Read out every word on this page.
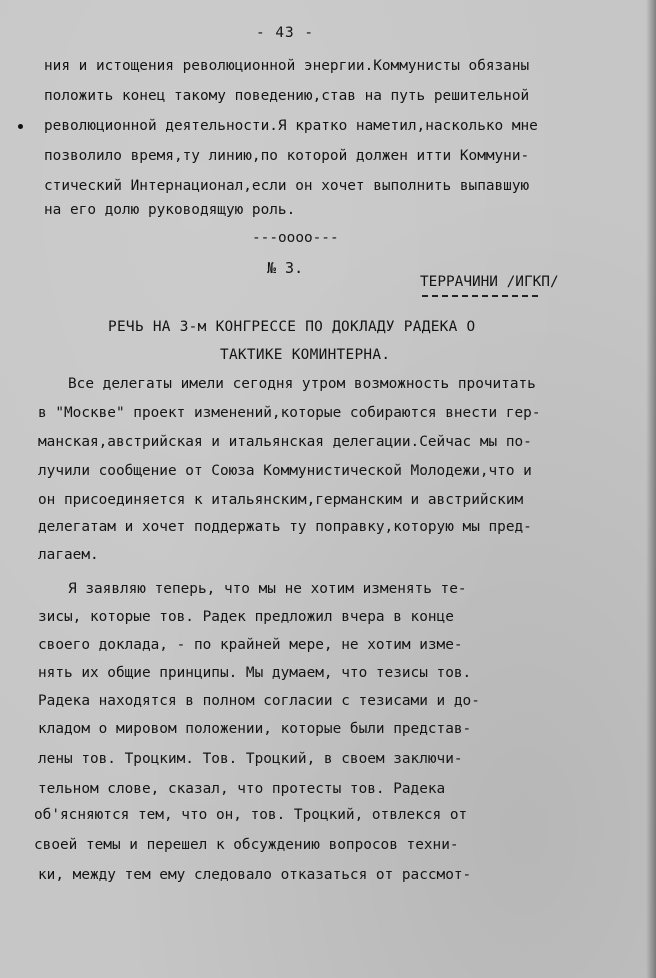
- 43 -
ния и истощения революционной энергии.Коммунисты обязаны
положить конец такому поведению,став на путь решительной
революционной деятельности.Я кратко наметил,насколько мне
позволило время,ту линию,по которой должен итти Коммуни-
стический Интернационал,если он хочет выполнить выпавшую
на его долю руководящую роль.
---оооо---
№ 3.
ТЕРРАЧИНИ /ИГКП/
РЕЧЬ НА 3-м КОНГРЕССЕ ПО ДОКЛАДУ РАДЕКА О
ТАКТИКЕ КОМИНТЕРНА.
Все делегаты имели сегодня утром возможность прочитать
в "Москве" проект изменений,которые собираются внести гер-
манская,австрийская и итальянская делегации.Сейчас мы по-
лучили сообщение от Союза Коммунистической Молодежи,что и
он присоединяется к итальянским,германским и австрийским
делегатам и хочет поддержать ту поправку,которую мы пред-
лагаем.
Я заявляю теперь, что мы не хотим изменять те-
зисы, которые тов. Радек предложил вчера в конце
своего доклада, - по крайней мере, не хотим изме-
нять их общие принципы. Мы думаем, что тезисы тов.
Радека находятся в полном согласии с тезисами и до-
кладом о мировом положении, которые были представ-
лены тов. Троцким. Тов. Троцкий, в своем заключи-
тельном слове, сказал, что протесты тов. Радека
об'ясняются тем, что он, тов. Троцкий, отвлекся от
своей темы и перешел к обсуждению вопросов техни-
ки, между тем ему следовало отказаться от рассмот-
